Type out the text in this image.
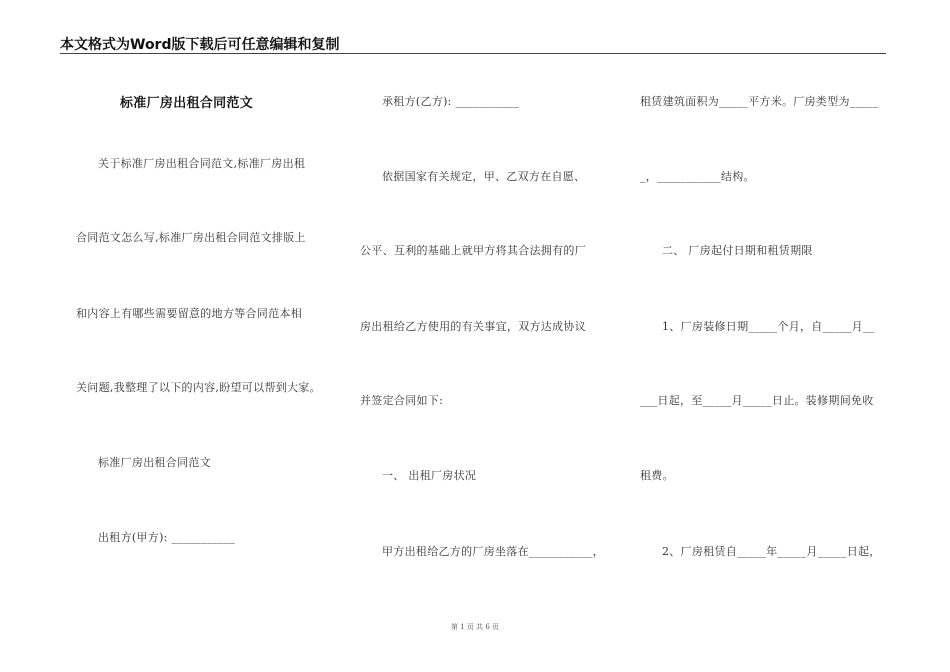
本文格式为Word版下载后可任意编辑和复制
标准厂房出租合同范文
关于标准厂房出租合同范文,标准厂房出租
合同范文怎么写,标准厂房出租合同范文排版上
和内容上有哪些需要留意的地方等合同范本相
关问题,我整理了以下的内容,盼望可以帮到大家。
标准厂房出租合同范文
出租方(甲方): ___________
承租方(乙方): ___________
依据国家有关规定，甲、乙双方在自愿、
公平、互利的基础上就甲方将其合法拥有的厂
房出租给乙方使用的有关事宜，双方达成协议
并签定合同如下:
一、 出租厂房状况
甲方出租给乙方的厂房坐落在___________，
租赁建筑面积为_____平方米。厂房类型为_____
_，___________结构。
二、 厂房起付日期和租赁期限
1、厂房装修日期_____个月，自_____月__
___日起，至_____月_____日止。装修期间免收
租费。
2、厂房租赁自_____年_____月_____日起，
第 1 页 共 6 页
